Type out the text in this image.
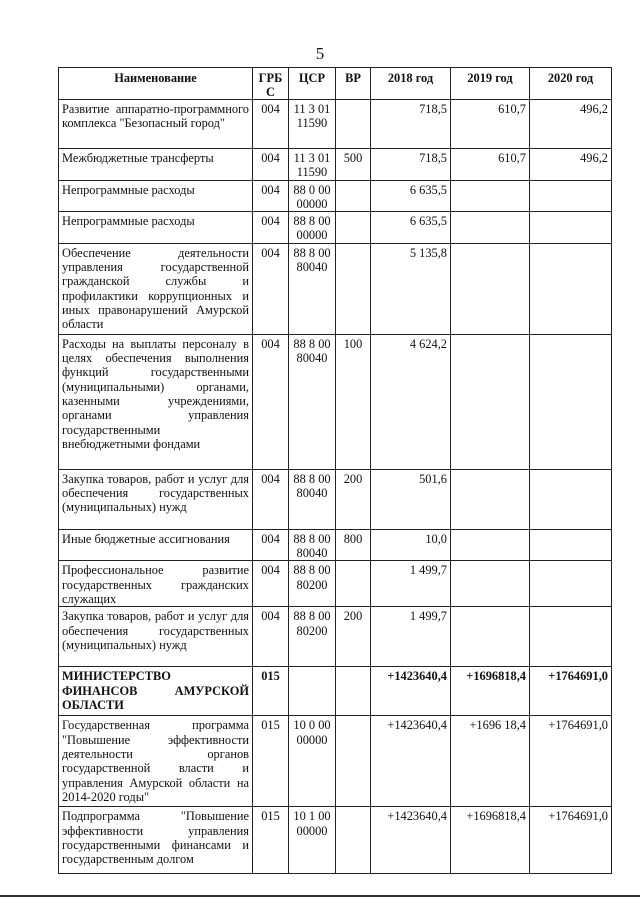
5
Наименование	ГРБС	ЦСР	ВР	2018 год	2019 год	2020 год
Развитие аппаратно-программного комплекса "Безопасный город"	004	11 3 01 11590		718,5	610,7	496,2
Межбюджетные трансферты	004	11 3 01 11590	500	718,5	610,7	496,2
Непрограммные расходы	004	88 0 00 00000		6 635,5		
Непрограммные расходы	004	88 8 00 00000		6 635,5		
Обеспечение деятельности управления государственной гражданской службы и профилактики коррупционных и иных правонарушений Амурской области	004	88 8 00 80040		5 135,8		
Расходы на выплаты персоналу в целях обеспечения выполнения функций государственными (муниципальными) органами, казенными учреждениями, органами управления государственными внебюджетными фондами	004	88 8 00 80040	100	4 624,2		
Закупка товаров, работ и услуг для обеспечения государственных (муниципальных) нужд	004	88 8 00 80040	200	501,6		
Иные бюджетные ассигнования	004	88 8 00 80040	800	10,0		
Профессиональное развитие государственных гражданских служащих	004	88 8 00 80200		1 499,7		
Закупка товаров, работ и услуг для обеспечения государственных (муниципальных) нужд	004	88 8 00 80200	200	1 499,7		
МИНИСТЕРСТВО ФИНАНСОВ АМУРСКОЙ ОБЛАСТИ	015			+1423640,4	+1696818,4	+1764691,0
Государственная программа "Повышение эффективности деятельности органов государственной власти и управления Амурской области на 2014-2020 годы"	015	10 0 00 00000		+1423640,4	+1696 18,4	+1764691,0
Подпрограмма "Повышение эффективности управления государственными финансами и государственным долгом	015	10 1 00 00000		+1423640,4	+1696818,4	+1764691,0
